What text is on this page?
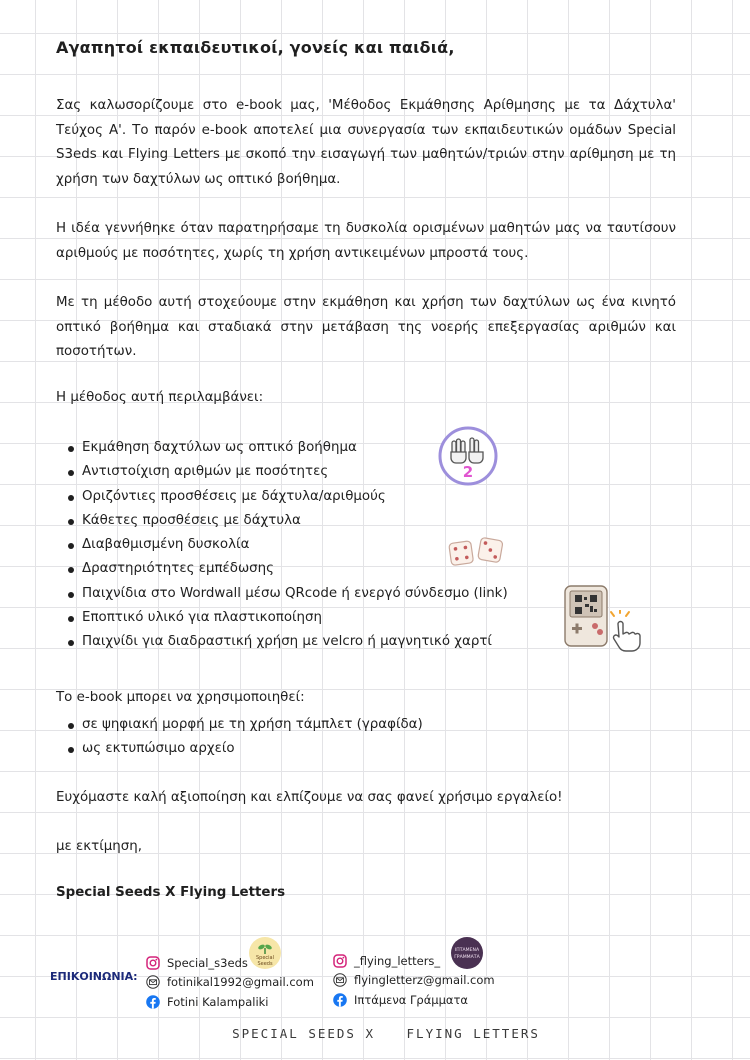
Αγαπητοί εκπαιδευτικοί, γονείς και παιδιά,
Σας καλωσορίζουμε στο e-book μας, 'Μέθοδος Εκμάθησης Αρίθμησης με τα Δάχτυλα' Τεύχος Α'. Το παρόν e-book αποτελεί μια συνεργασία των εκπαιδευτικών ομάδων Special S3eds και Flying Letters με σκοπό την εισαγωγή των μαθητών/τριών στην αρίθμηση με τη χρήση των δαχτύλων ως οπτικό βοήθημα.
Η ιδέα γεννήθηκε όταν παρατηρήσαμε τη δυσκολία ορισμένων μαθητών μας να ταυτίσουν αριθμούς με ποσότητες, χωρίς τη χρήση αντικειμένων μπροστά τους.
Με τη μέθοδο αυτή στοχεύουμε στην εκμάθηση και χρήση των δαχτύλων ως ένα κινητό οπτικό βοήθημα και σταδιακά στην μετάβαση της νοερής επεξεργασίας αριθμών και ποσοτήτων.
Η μέθοδος αυτή περιλαμβάνει:
Εκμάθηση δαχτύλων ως οπτικό βοήθημα
Αντιστοίχιση αριθμών με ποσότητες
Οριζόντιες προσθέσεις με δάχτυλα/αριθμούς
Κάθετες προσθέσεις με δάχτυλα
Διαβαθμισμένη δυσκολία
Δραστηριότητες εμπέδωσης
Παιχνίδια στο Wordwall μέσω QRcode ή ενεργό σύνδεσμο (link)
Εποπτικό υλικό για πλαστικοποίηση
Παιχνίδι για διαδραστική χρήση με velcro ή μαγνητικό χαρτί
Το e-book μπορει να χρησιμοποιηθεί:
σε ψηφιακή μορφή με τη χρήση τάμπλετ (γραφίδα)
ως εκτυπώσιμο αρχείο
Ευχόμαστε καλή αξιοποίηση και ελπίζουμε να σας φανεί χρήσιμο εργαλείο!
με εκτίμηση,
Special Seeds X Flying Letters
2
ΕΠΙΚΟΙΝΩΝΙΑ:
Special_s3eds
fotinikal1992@gmail.com
Fotini Kalampaliki
Special
Seeds	_flying_letters_
flyingletterz@gmail.com
Ιπτάμενα Γράμματα
ΙΠΤΑΜΕΝΑ
ΓΡΑΜΜΑΤΑ
SPECIAL SEEDS X	FLYING LETTERS
